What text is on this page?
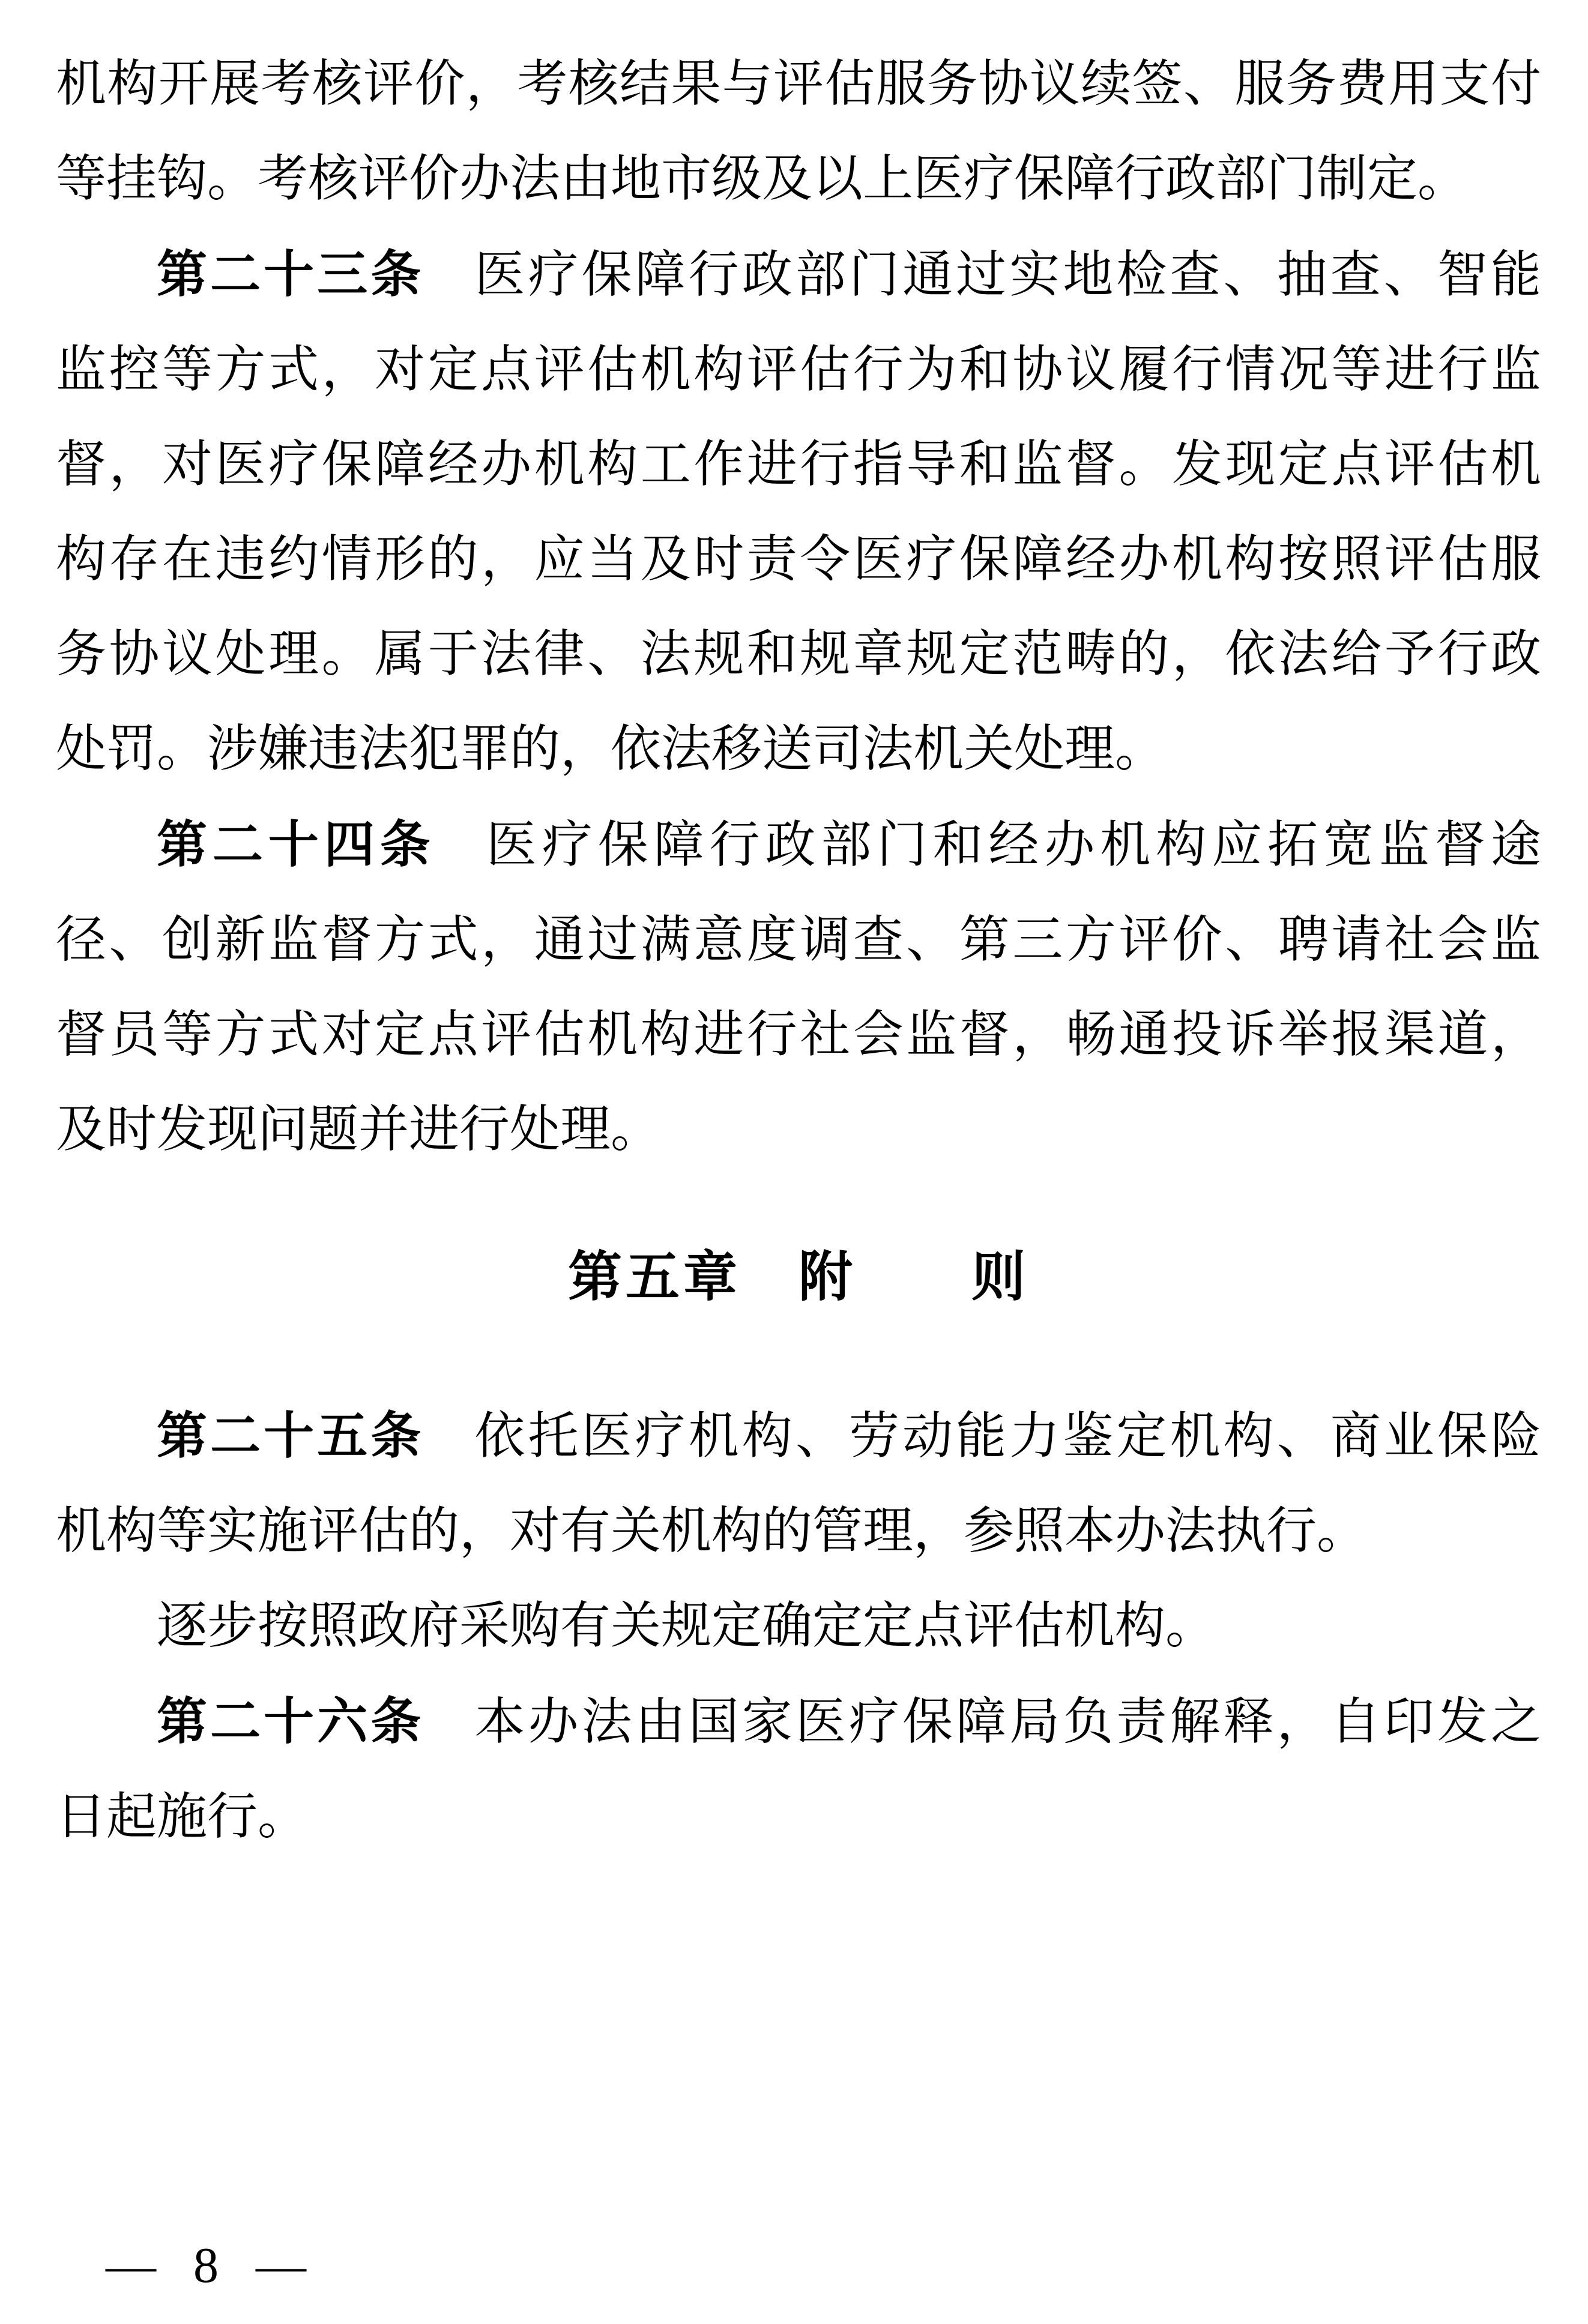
机构开展考核评价，考核结果与评估服务协议续签、服务费用支付
等挂钩。考核评价办法由地市级及以上医疗保障行政部门制定。
第二十三条 医疗保障行政部门通过实地检查、抽查、智能
监控等方式，对定点评估机构评估行为和协议履行情况等进行监
督，对医疗保障经办机构工作进行指导和监督。发现定点评估机
构存在违约情形的，应当及时责令医疗保障经办机构按照评估服
务协议处理。属于法律、法规和规章规定范畴的，依法给予行政
处罚。涉嫌违法犯罪的，依法移送司法机关处理。
第二十四条 医疗保障行政部门和经办机构应拓宽监督途
径、创新监督方式，通过满意度调查、第三方评价、聘请社会监
督员等方式对定点评估机构进行社会监督，畅通投诉举报渠道，
及时发现问题并进行处理。
第五章　附　　则
第二十五条 依托医疗机构、劳动能力鉴定机构、商业保险
机构等实施评估的，对有关机构的管理，参照本办法执行。
逐步按照政府采购有关规定确定定点评估机构。
第二十六条 本办法由国家医疗保障局负责解释，自印发之
日起施行。
— 8 —
